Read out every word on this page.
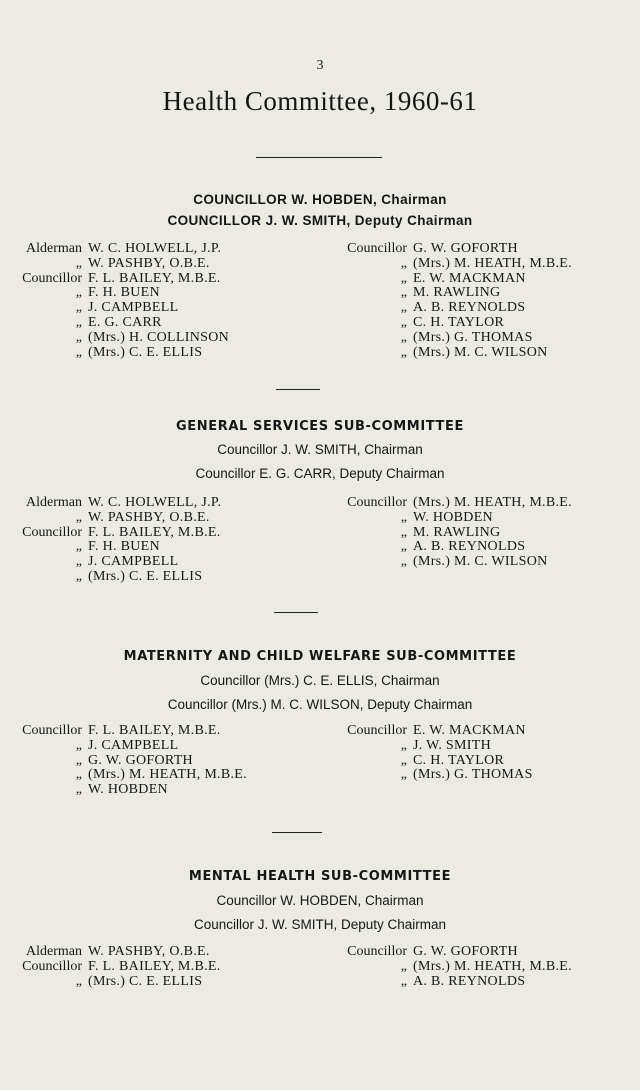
3
Health Committee, 1960-61
COUNCILLOR W. HOBDEN, Chairman
COUNCILLOR J. W. SMITH, Deputy Chairman
Alderman W. C. HOLWELL, J.P.
„ W. PASHBY, O.B.E.
Councillor F. L. BAILEY, M.B.E.
„ F. H. BUEN
„ J. CAMPBELL
„ E. G. CARR
„ (Mrs.) H. COLLINSON
„ (Mrs.) C. E. ELLIS
Councillor G. W. GOFORTH
„ (Mrs.) M. HEATH, M.B.E.
„ E. W. MACKMAN
„ M. RAWLING
„ A. B. REYNOLDS
„ C. H. TAYLOR
„ (Mrs.) G. THOMAS
„ (Mrs.) M. C. WILSON
GENERAL SERVICES SUB-COMMITTEE
Councillor J. W. SMITH, Chairman
Councillor E. G. CARR, Deputy Chairman
Alderman W. C. HOLWELL, J.P.
„ W. PASHBY, O.B.E.
Councillor F. L. BAILEY, M.B.E.
„ F. H. BUEN
„ J. CAMPBELL
„ (Mrs.) C. E. ELLIS
Councillor (Mrs.) M. HEATH, M.B.E.
„ W. HOBDEN
„ M. RAWLING
„ A. B. REYNOLDS
„ (Mrs.) M. C. WILSON
MATERNITY AND CHILD WELFARE SUB-COMMITTEE
Councillor (Mrs.) C. E. ELLIS, Chairman
Councillor (Mrs.) M. C. WILSON, Deputy Chairman
Councillor F. L. BAILEY, M.B.E.
„ J. CAMPBELL
„ G. W. GOFORTH
„ (Mrs.) M. HEATH, M.B.E.
„ W. HOBDEN
Councillor E. W. MACKMAN
„ J. W. SMITH
„ C. H. TAYLOR
„ (Mrs.) G. THOMAS
MENTAL HEALTH SUB-COMMITTEE
Councillor W. HOBDEN, Chairman
Councillor J. W. SMITH, Deputy Chairman
Alderman W. PASHBY, O.B.E.
Councillor F. L. BAILEY, M.B.E.
„ (Mrs.) C. E. ELLIS
Councillor G. W. GOFORTH
„ (Mrs.) M. HEATH, M.B.E.
„ A. B. REYNOLDS
